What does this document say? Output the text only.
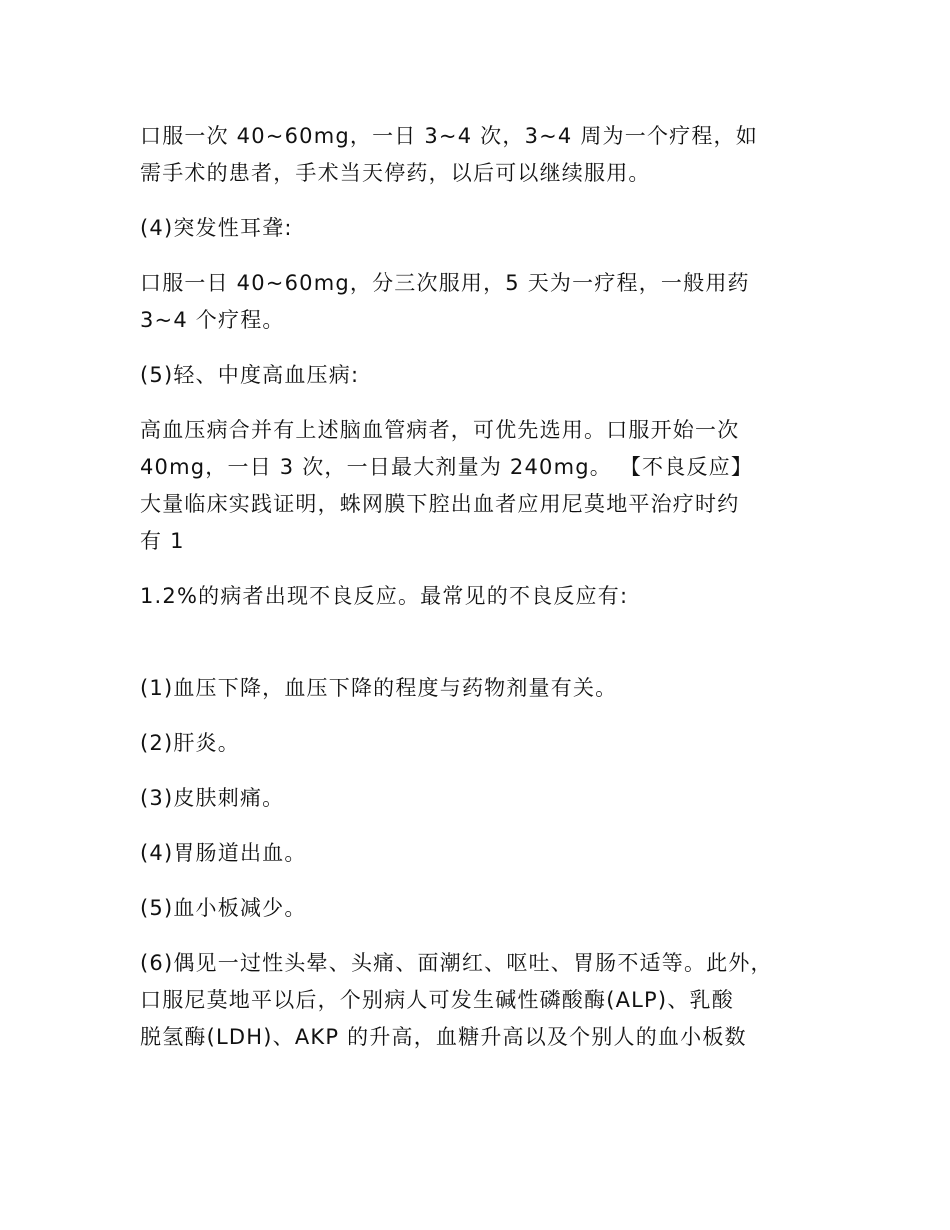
口服一次 40~60mg，一日 3~4 次，3~4 周为一个疗程，如
需手术的患者，手术当天停药，以后可以继续服用。

(4)突发性耳聋:

口服一日 40~60mg，分三次服用，5 天为一疗程，一般用药
3~4 个疗程。

(5)轻、中度高血压病:

高血压病合并有上述脑血管病者，可优先选用。口服开始一次
40mg，一日 3 次，一日最大剂量为 240mg。 【不良反应】
大量临床实践证明，蛛网膜下腔出血者应用尼莫地平治疗时约
有 1

1.2%的病者出现不良反应。最常见的不良反应有:

(1)血压下降，血压下降的程度与药物剂量有关。

(2)肝炎。

(3)皮肤刺痛。

(4)胃肠道出血。

(5)血小板减少。

(6)偶见一过性头晕、头痛、面潮红、呕吐、胃肠不适等。此外，
口服尼莫地平以后，个别病人可发生碱性磷酸酶(ALP)、乳酸
脱氢酶(LDH)、AKP 的升高，血糖升高以及个别人的血小板数
